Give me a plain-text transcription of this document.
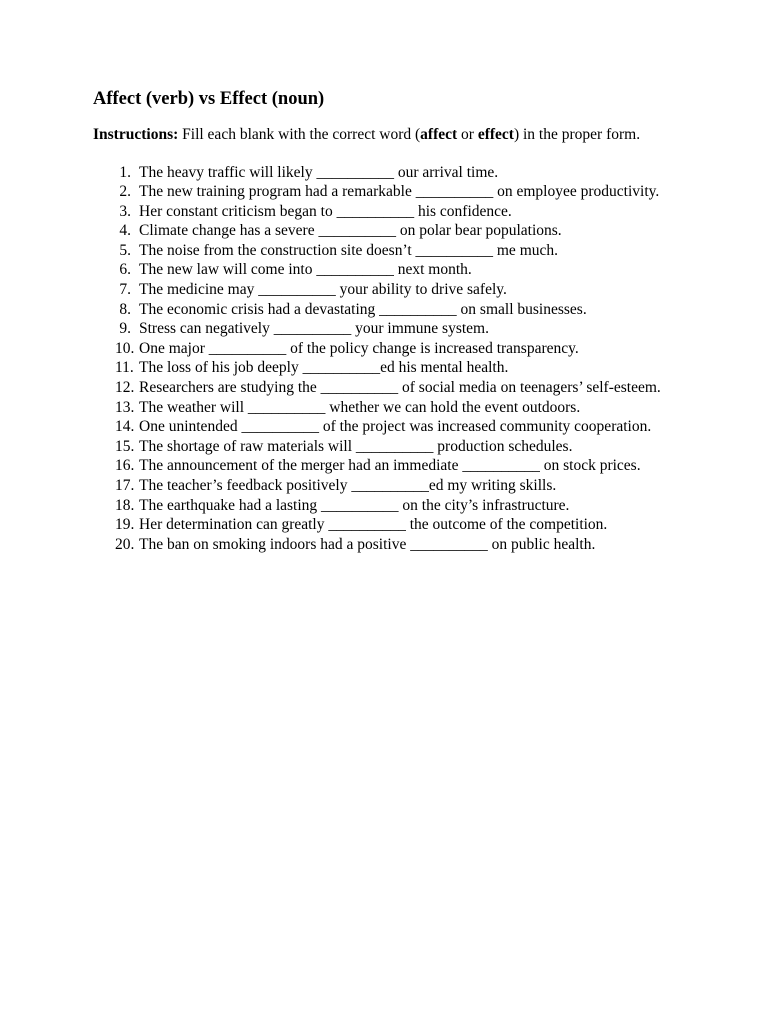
Affect (verb) vs Effect (noun)

Instructions: Fill each blank with the correct word (affect or effect) in the proper form.

1. The heavy traffic will likely __________ our arrival time.
2. The new training program had a remarkable __________ on employee productivity.
3. Her constant criticism began to __________ his confidence.
4. Climate change has a severe __________ on polar bear populations.
5. The noise from the construction site doesn’t __________ me much.
6. The new law will come into __________ next month.
7. The medicine may __________ your ability to drive safely.
8. The economic crisis had a devastating __________ on small businesses.
9. Stress can negatively __________ your immune system.
10. One major __________ of the policy change is increased transparency.
11. The loss of his job deeply __________ed his mental health.
12. Researchers are studying the __________ of social media on teenagers’ self-esteem.
13. The weather will __________ whether we can hold the event outdoors.
14. One unintended __________ of the project was increased community cooperation.
15. The shortage of raw materials will __________ production schedules.
16. The announcement of the merger had an immediate __________ on stock prices.
17. The teacher’s feedback positively __________ed my writing skills.
18. The earthquake had a lasting __________ on the city’s infrastructure.
19. Her determination can greatly __________ the outcome of the competition.
20. The ban on smoking indoors had a positive __________ on public health.
